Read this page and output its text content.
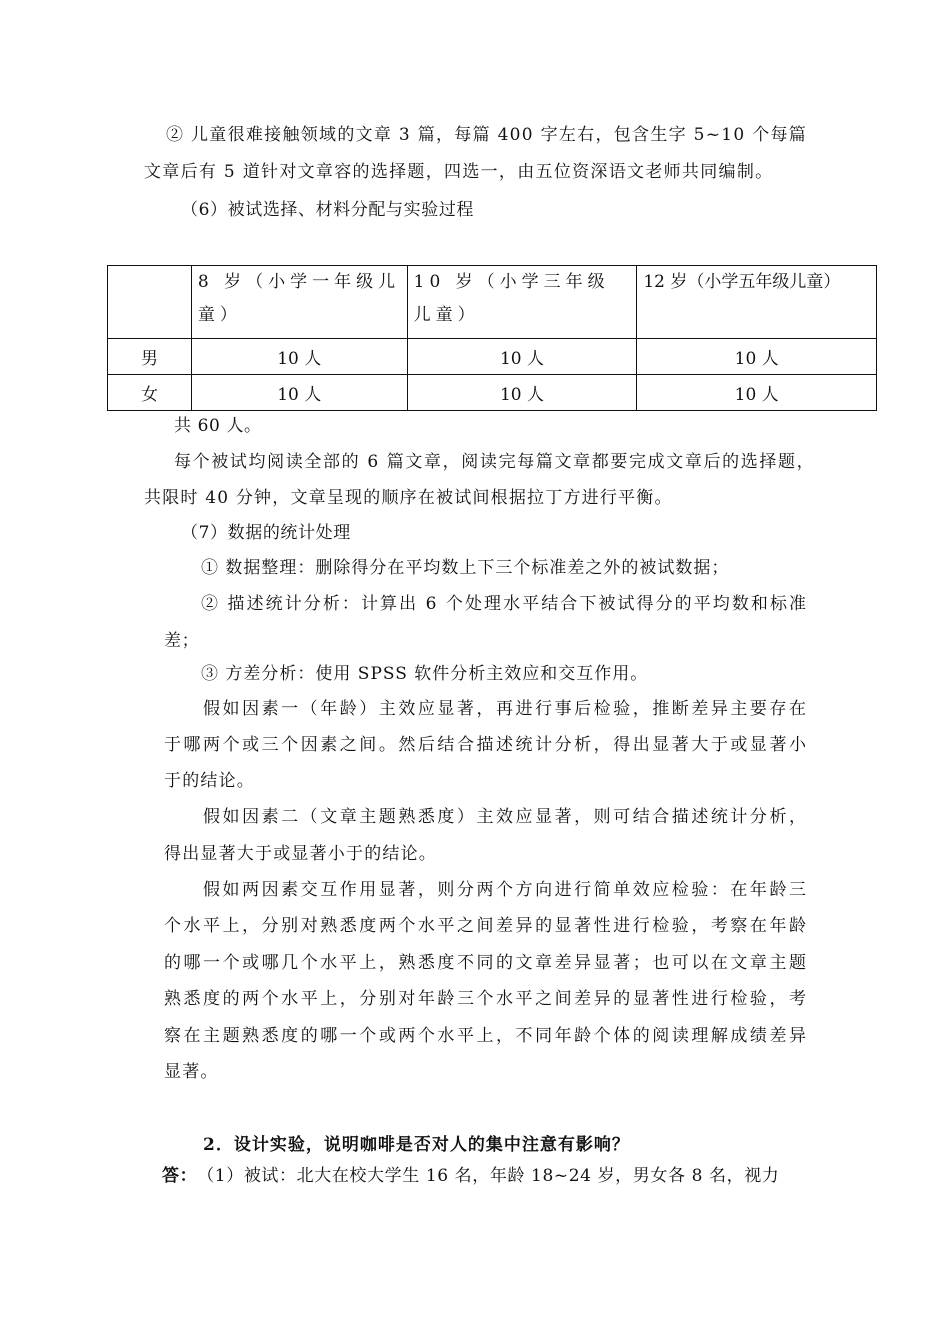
② 儿童很难接触领域的文章 3 篇，每篇 400 字左右，包含生字 5~10 个每篇
文章后有 5 道针对文章容的选择题，四选一，由五位资深语文老师共同编制。
（6）被试选择、材料分配与实验过程
	8 岁（小学一年级儿童）	10 岁（小学三年级儿童）	12 岁（小学五年级儿童）
男	10 人	10 人	10 人
女	10 人	10 人	10 人
共 60 人。
每个被试均阅读全部的 6 篇文章，阅读完每篇文章都要完成文章后的选择题，
共限时 40 分钟，文章呈现的顺序在被试间根据拉丁方进行平衡。
（7）数据的统计处理
① 数据整理：删除得分在平均数上下三个标准差之外的被试数据；
② 描述统计分析：计算出 6 个处理水平结合下被试得分的平均数和标准
差；
③ 方差分析：使用 SPSS 软件分析主效应和交互作用。
假如因素一（年龄）主效应显著，再进行事后检验，推断差异主要存在
于哪两个或三个因素之间。然后结合描述统计分析，得出显著大于或显著小
于的结论。
假如因素二（文章主题熟悉度）主效应显著，则可结合描述统计分析，
得出显著大于或显著小于的结论。
假如两因素交互作用显著，则分两个方向进行简单效应检验：在年龄三
个水平上，分别对熟悉度两个水平之间差异的显著性进行检验，考察在年龄
的哪一个或哪几个水平上，熟悉度不同的文章差异显著；也可以在文章主题
熟悉度的两个水平上，分别对年龄三个水平之间差异的显著性进行检验，考
察在主题熟悉度的哪一个或两个水平上，不同年龄个体的阅读理解成绩差异
显著。
2．设计实验，说明咖啡是否对人的集中注意有影响？
答： （1）被试：北大在校大学生 16 名，年龄 18~24 岁，男女各 8 名，视力
